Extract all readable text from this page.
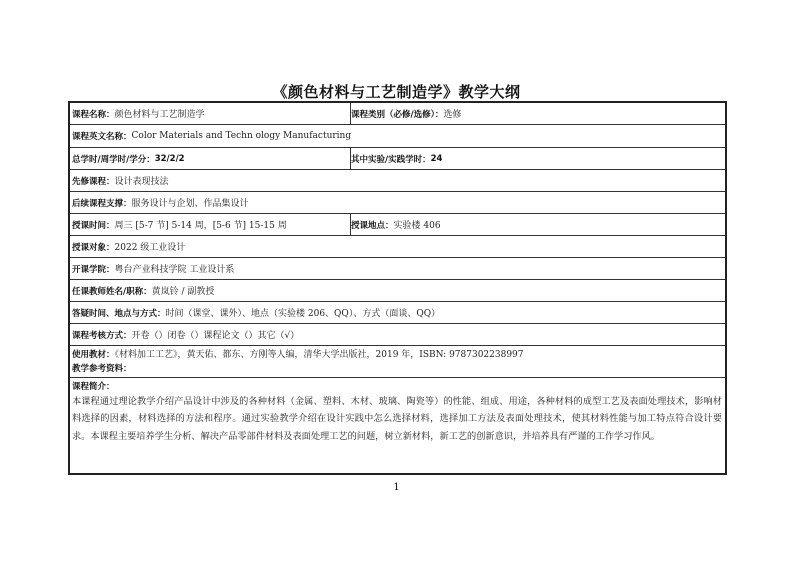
《颜色材料与工艺制造学》教学大纲
课程名称： 颜色材料与工艺制造学	课程类别（必修/选修）： 选修
课程英文名称： Color Materials and Techn ology Manufacturing
总学时/周学时/学分： 32/2/2	其中实验/实践学时： 24
先修课程： 设计表现技法
后续课程支撑： 服务设计与企划、作品集设计
授课时间： 周三 [5-7 节] 5-14 周，[5-6 节] 15-15 周	授课地点： 实验楼 406
授课对象： 2022 级工业设计
开课学院： 粤台产业科技学院 工业设计系
任课教师姓名/职称： 黄岚铃 / 副教授
答疑时间、地点与方式： 时间（课堂、课外）、地点（实验楼 206、QQ）、方式（面谈、QQ）
课程考核方式： 开卷（）闭卷（）课程论文（）其它（√）
使用教材：《材料加工工艺》，黄天佑、都东、方刚等人编，清华大学出版社，2019 年，ISBN: 9787302238997
教学参考资料：
课程简介：
本课程通过理论教学介绍产品设计中涉及的各种材料（金属、塑料、木材、玻璃、陶瓷等）的性能、组成、用途，各种材料的成型工艺及表面处理技术，影响材料选择的因素，材料选择的方法和程序。通过实验教学介绍在设计实践中怎么选择材料，选择加工方法及表面处理技术，使其材料性能与加工特点符合设计要求。本课程主要培养学生分析、解决产品零部件材料及表面处理工艺的问题，树立新材料，新工艺的创新意识，并培养具有严谨的工作学习作风。
1
